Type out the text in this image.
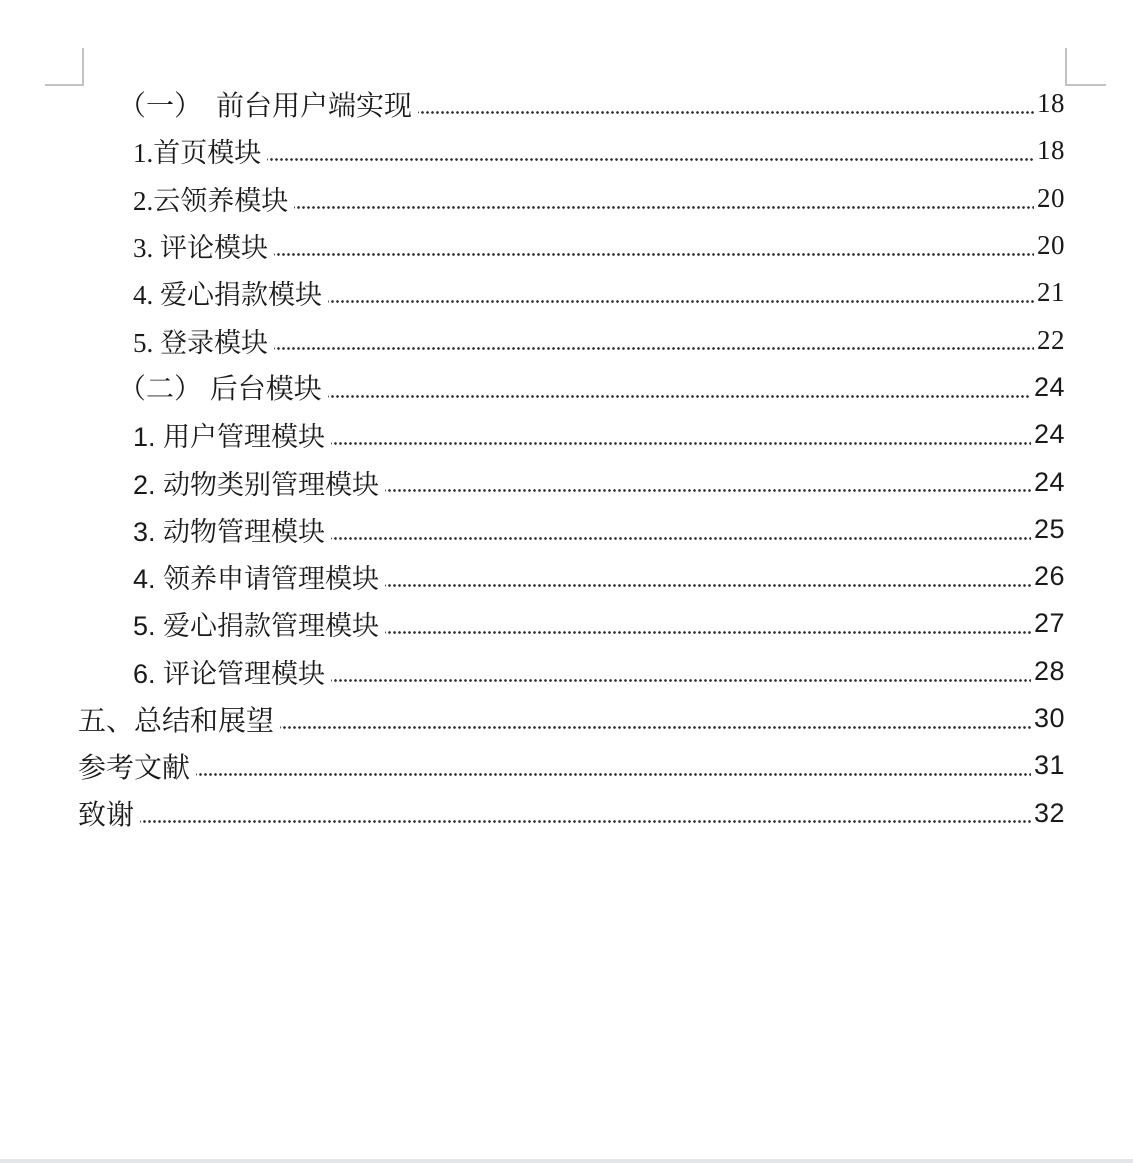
（一）　前台用户端实现	18
1.首页模块	18
2.云领养模块	20
3. 评论模块	20
4. 爱心捐款模块	21
5. 登录模块	22
（二） 后台模块	24
1. 用户管理模块	24
2. 动物类别管理模块	24
3. 动物管理模块	25
4. 领养申请管理模块	26
5. 爱心捐款管理模块	27
6. 评论管理模块	28
五、总结和展望	30
参考文献	31
致谢	32
